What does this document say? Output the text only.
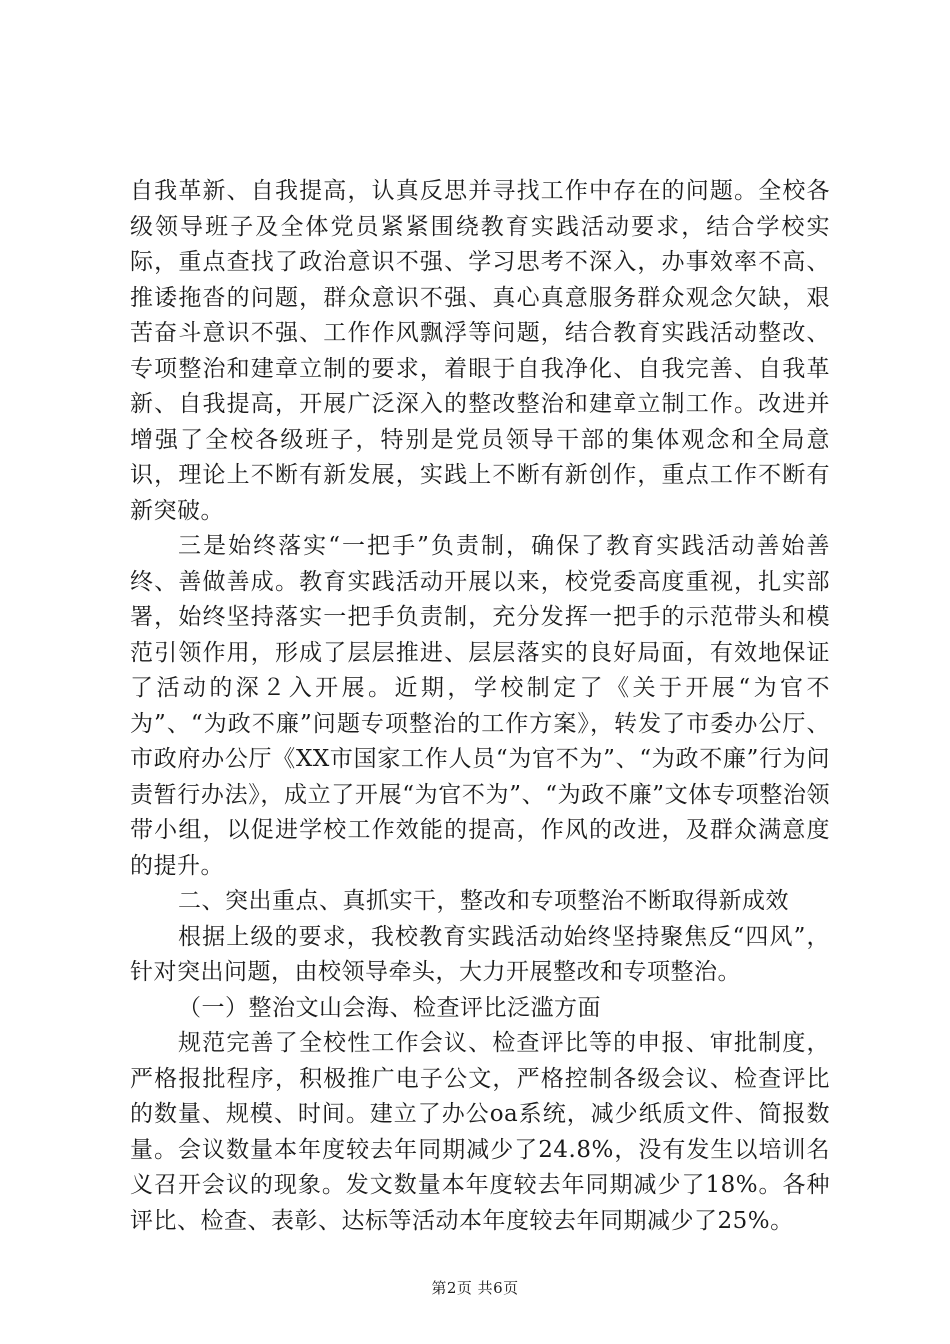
自我革新、自我提高，认真反思并寻找工作中存在的问题。全校各级领导班子及全体党员紧紧围绕教育实践活动要求，结合学校实际，重点查找了政治意识不强、学习思考不深入，办事效率不高、推诿拖沓的问题，群众意识不强、真心真意服务群众观念欠缺，艰苦奋斗意识不强、工作作风飘浮等问题，结合教育实践活动整改、专项整治和建章立制的要求，着眼于自我净化、自我完善、自我革新、自我提高，开展广泛深入的整改整治和建章立制工作。改进并增强了全校各级班子，特别是党员领导干部的集体观念和全局意识，理论上不断有新发展，实践上不断有新创作，重点工作不断有新突破。

三是始终落实“一把手”负责制，确保了教育实践活动善始善终、善做善成。教育实践活动开展以来，校党委高度重视，扎实部署，始终坚持落实一把手负责制，充分发挥一把手的示范带头和模范引领作用，形成了层层推进、层层落实的良好局面，有效地保证了活动的深２入开展。近期，学校制定了《关于开展“为官不为”、“为政不廉”问题专项整治的工作方案》，转发了市委办公厅、市政府办公厅《XX市国家工作人员“为官不为”、“为政不廉”行为问责暂行办法》，成立了开展“为官不为”、“为政不廉”文体专项整治领带小组，以促进学校工作效能的提高，作风的改进，及群众满意度的提升。

二、突出重点、真抓实干，整改和专项整治不断取得新成效

根据上级的要求，我校教育实践活动始终坚持聚焦反“四风”，针对突出问题，由校领导牵头，大力开展整改和专项整治。

（一）整治文山会海、检查评比泛滥方面

规范完善了全校性工作会议、检查评比等的申报、审批制度，严格报批程序，积极推广电子公文，严格控制各级会议、检查评比的数量、规模、时间。建立了办公oa系统，减少纸质文件、简报数量。会议数量本年度较去年同期减少了24.8%，没有发生以培训名义召开会议的现象。发文数量本年度较去年同期减少了18%。各种评比、检查、表彰、达标等活动本年度较去年同期减少了25%。

第2页 共6页
